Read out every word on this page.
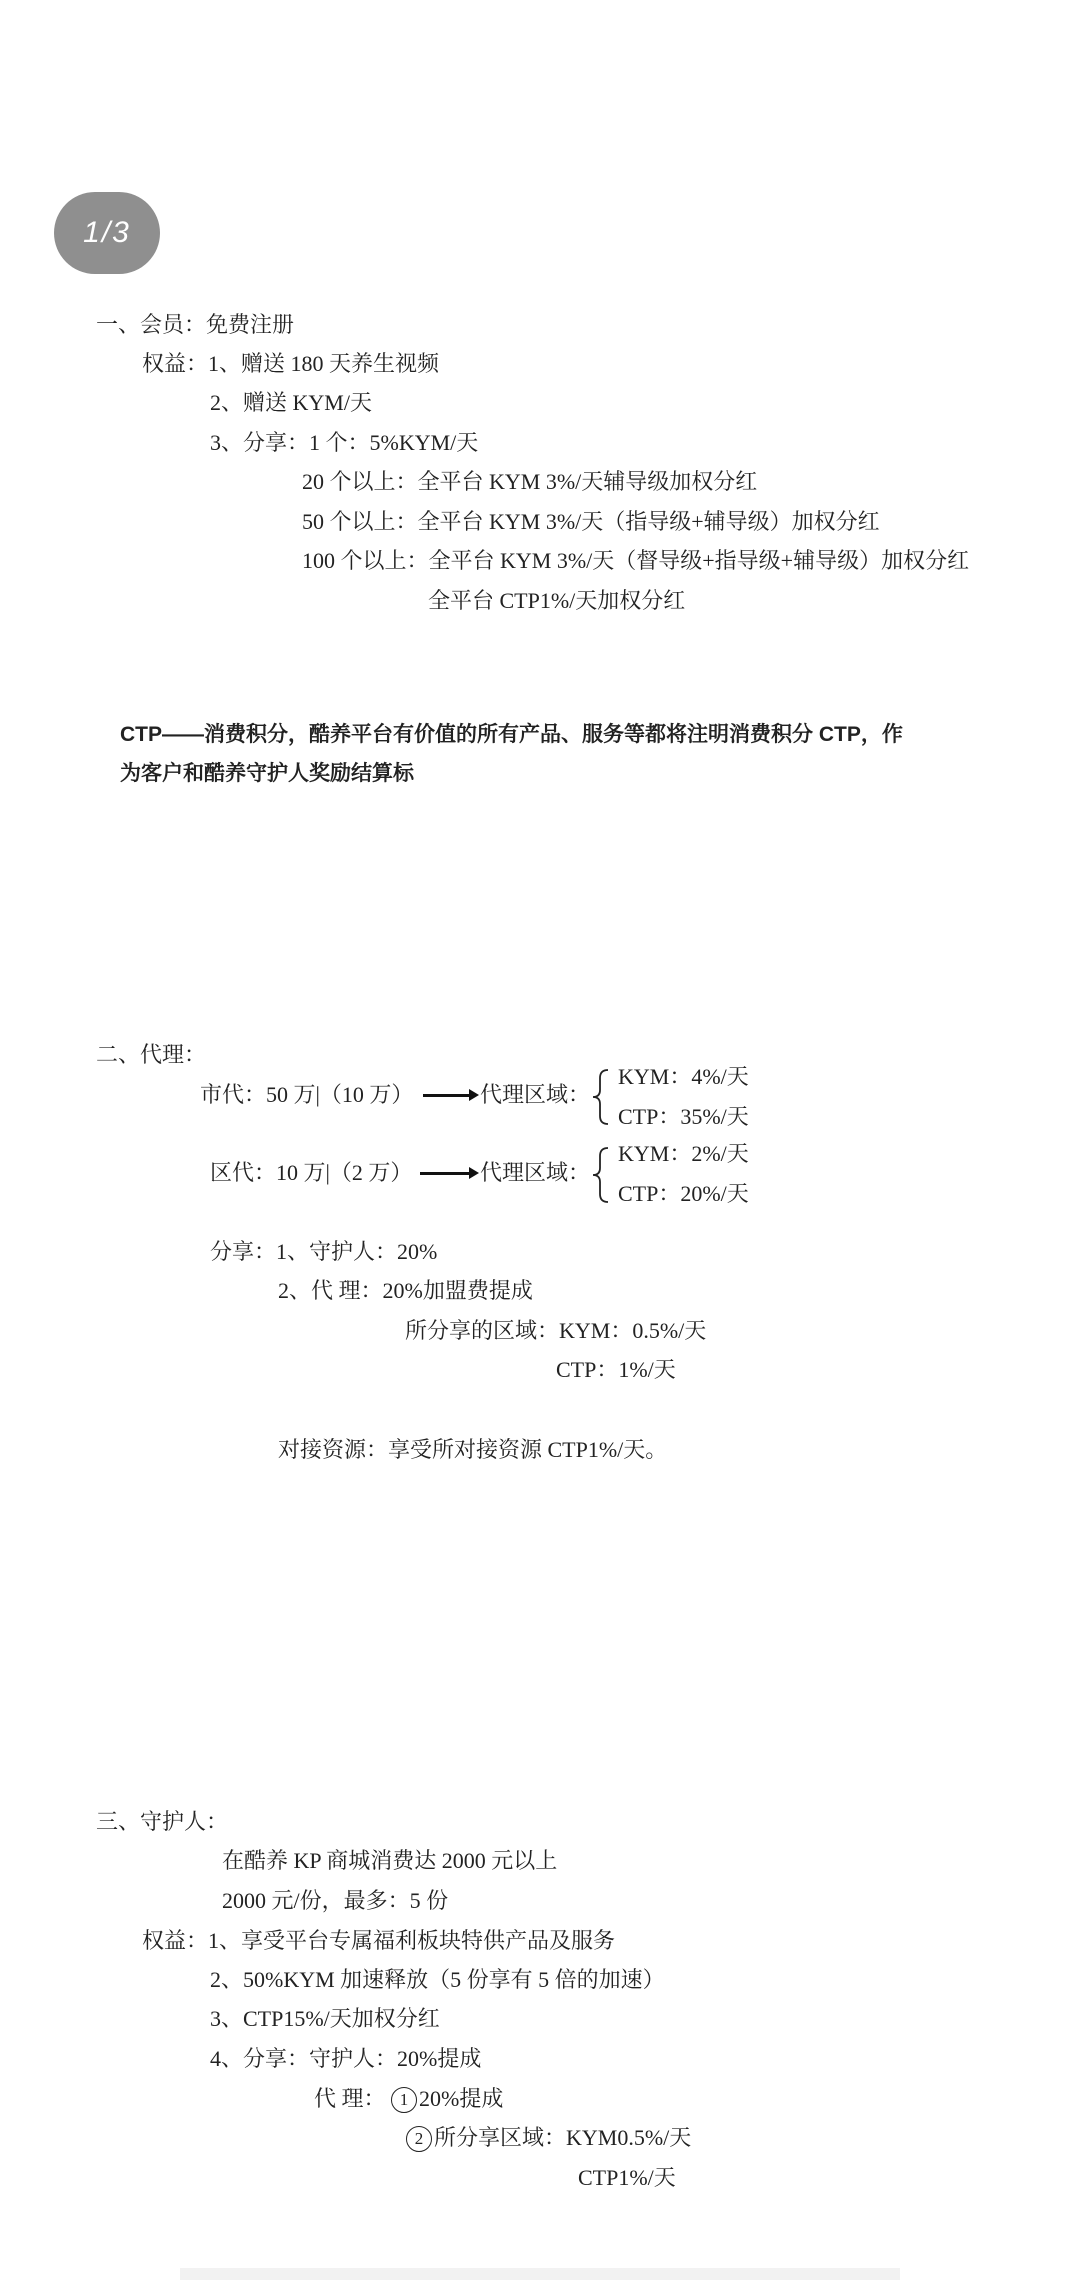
1/3
一、会员：免费注册
权益：1、赠送 180 天养生视频
2、赠送 KYM/天
3、分享：1 个：5%KYM/天
20 个以上：全平台 KYM 3%/天辅导级加权分红
50 个以上：全平台 KYM 3%/天（指导级+辅导级）加权分红
100 个以上：全平台 KYM 3%/天（督导级+指导级+辅导级）加权分红
全平台 CTP1%/天加权分红
CTP——消费积分，酷养平台有价值的所有产品、服务等都将注明消费积分 CTP，作
为客户和酷养守护人奖励结算标
二、代理：
市代：50 万|（10 万）	代理区域：
KYM：4%/天
CTP：35%/天
区代：10 万|（2 万）	代理区域：
KYM：2%/天
CTP：20%/天
分享：1、守护人：20%
2、代 理：20%加盟费提成
所分享的区域：KYM：0.5%/天
CTP：1%/天
对接资源：享受所对接资源 CTP1%/天。
三、守护人：
在酷养 KP 商城消费达 2000 元以上
2000 元/份，最多：5 份
权益：1、享受平台专属福利板块特供产品及服务
2、50%KYM 加速释放（5 份享有 5 倍的加速）
3、CTP15%/天加权分红
4、分享：守护人：20%提成
代 理： 1 20%提成
2 所分享区域：KYM0.5%/天
CTP1%/天
